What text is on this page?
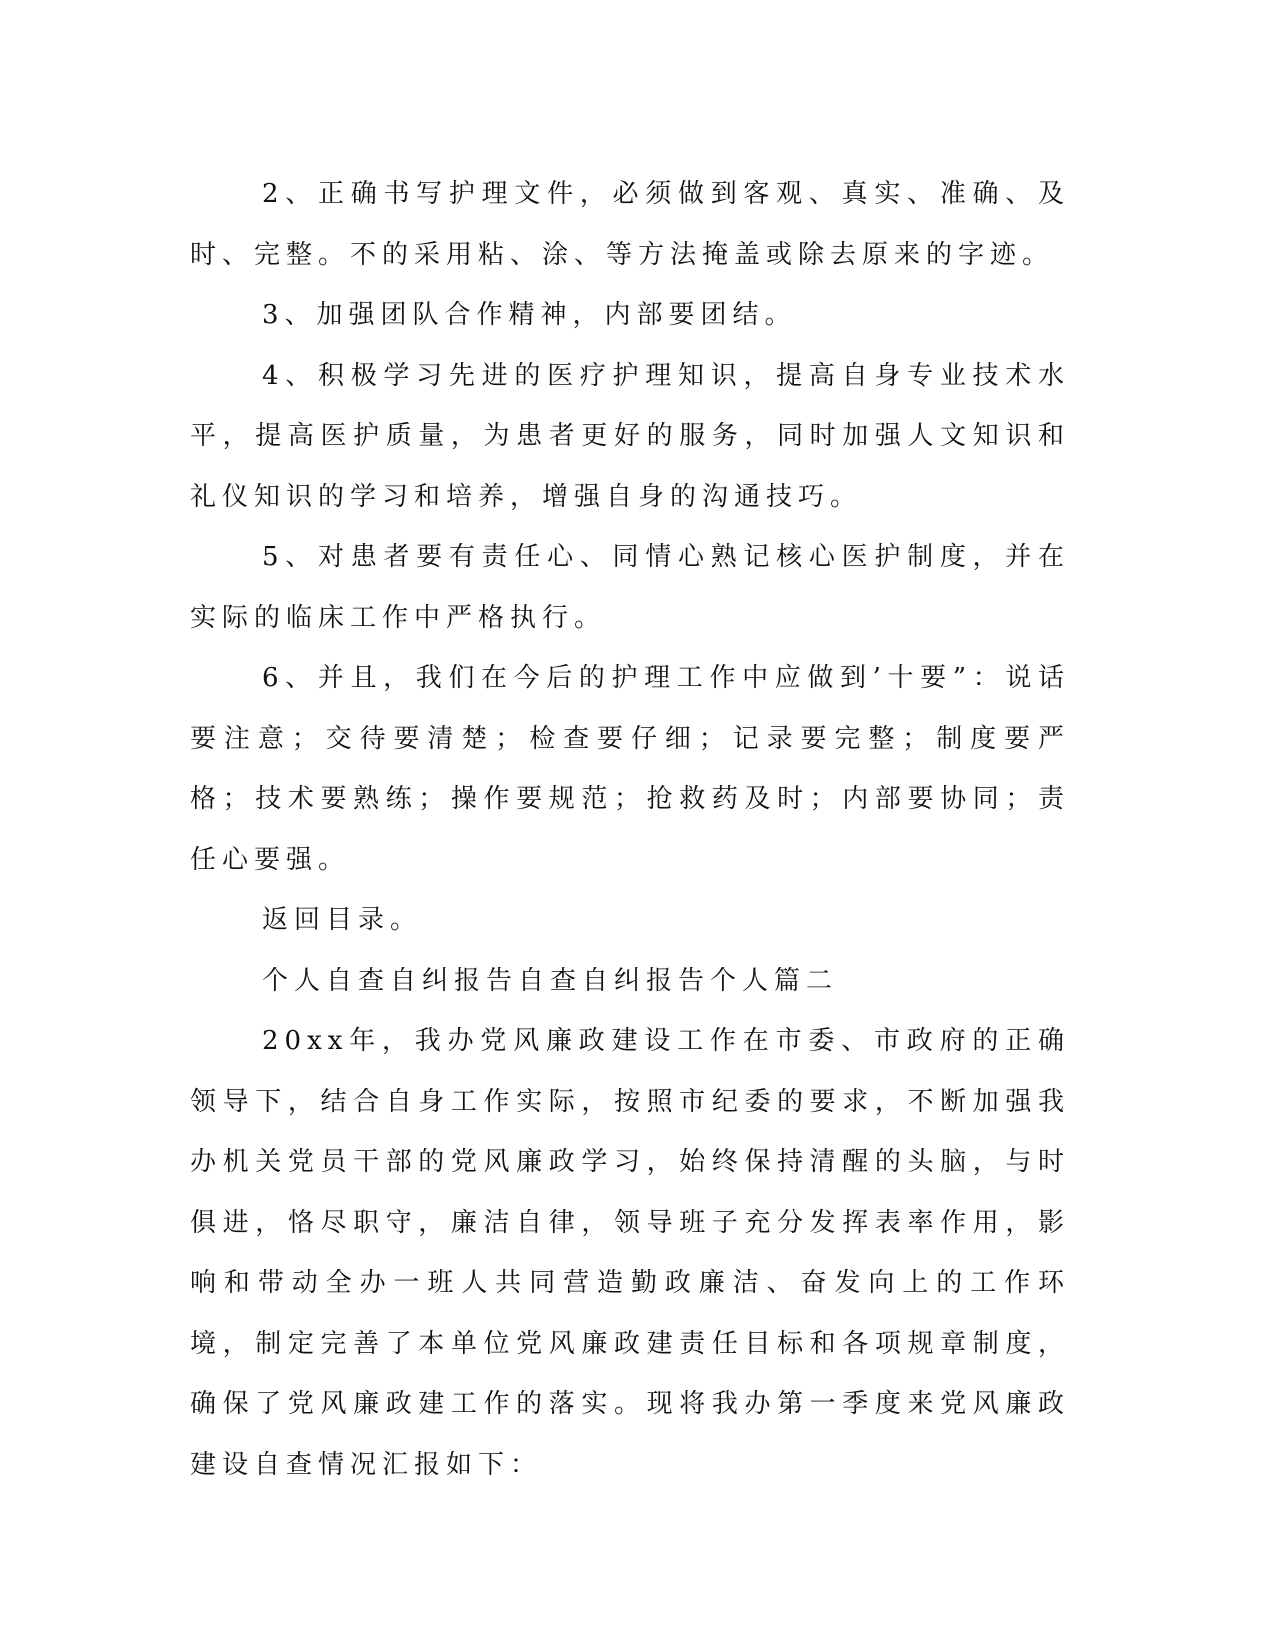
2、正确书写护理文件，必须做到客观、真实、准确、及时、完整。不的采用粘、涂、等方法掩盖或除去原来的字迹。

3、加强团队合作精神，内部要团结。

4、积极学习先进的医疗护理知识，提高自身专业技术水平，提高医护质量，为患者更好的服务，同时加强人文知识和礼仪知识的学习和培养，增强自身的沟通技巧。

5、对患者要有责任心、同情心熟记核心医护制度，并在实际的临床工作中严格执行。

6、并且，我们在今后的护理工作中应做到’十要”：说话要注意；交待要清楚；检查要仔细；记录要完整；制度要严格；技术要熟练；操作要规范；抢救药及时；内部要协同；责任心要强。

返回目录。

个人自查自纠报告自查自纠报告个人篇二

20xx年，我办党风廉政建设工作在市委、市政府的正确领导下，结合自身工作实际，按照市纪委的要求，不断加强我办机关党员干部的党风廉政学习，始终保持清醒的头脑，与时俱进，恪尽职守，廉洁自律，领导班子充分发挥表率作用，影响和带动全办一班人共同营造勤政廉洁、奋发向上的工作环境，制定完善了本单位党风廉政建责任目标和各项规章制度，确保了党风廉政建工作的落实。现将我办第一季度来党风廉政建设自查情况汇报如下：
